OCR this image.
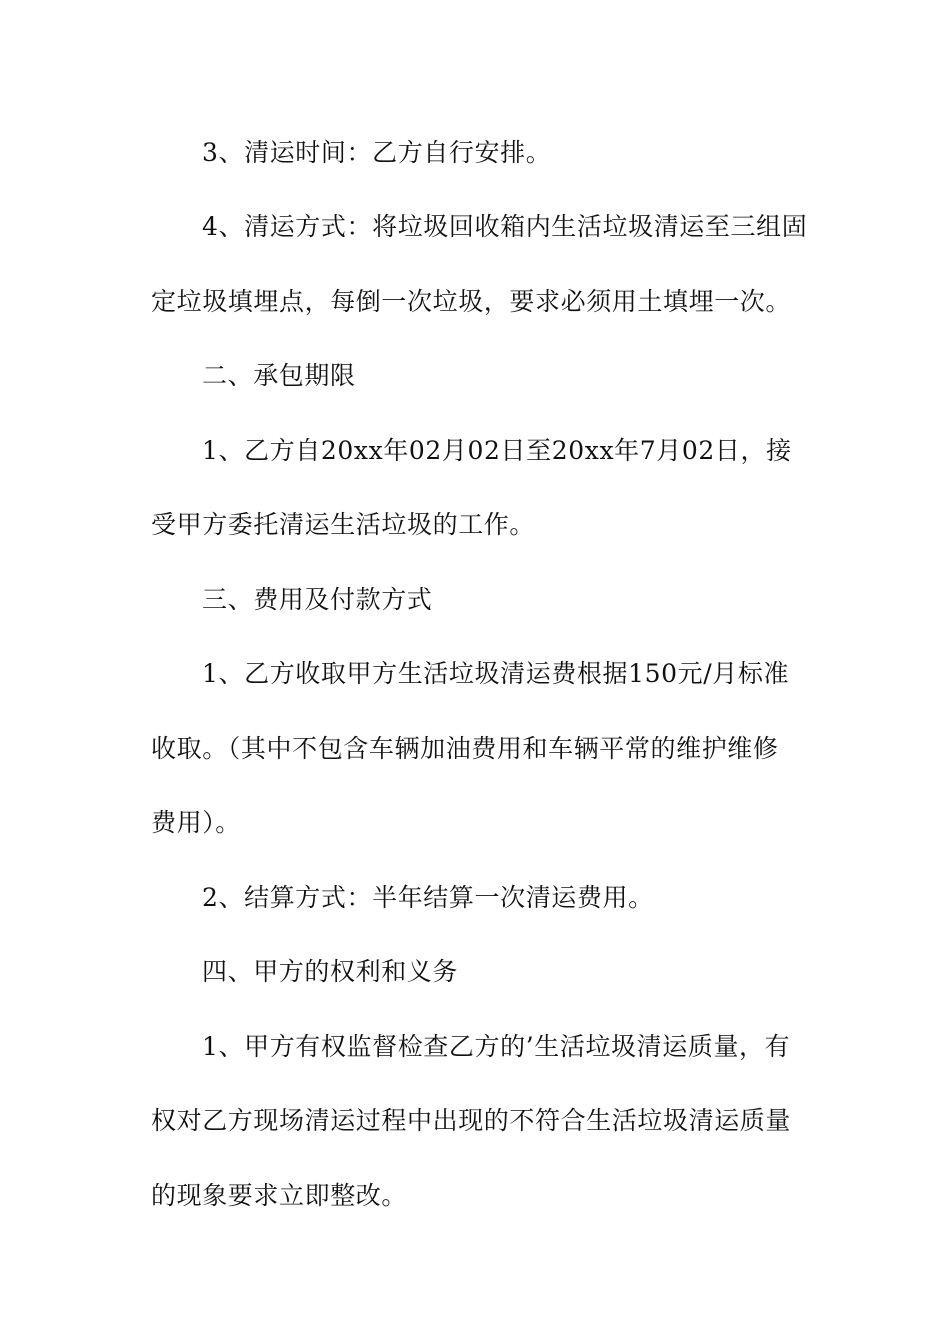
3、清运时间：乙方自行安排。
4、清运方式：将垃圾回收箱内生活垃圾清运至三组固
定垃圾填埋点，每倒一次垃圾，要求必须用土填埋一次。
二、承包期限
1、乙方自20xx年02月02日至20xx年7月02日，接
受甲方委托清运生活垃圾的工作。
三、费用及付款方式
1、乙方收取甲方生活垃圾清运费根据150元/月标准
收取。（其中不包含车辆加油费用和车辆平常的维护维修
费用）。
2、结算方式：半年结算一次清运费用。
四、甲方的权利和义务
1、甲方有权监督检查乙方的’生活垃圾清运质量，有
权对乙方现场清运过程中出现的不符合生活垃圾清运质量
的现象要求立即整改。
